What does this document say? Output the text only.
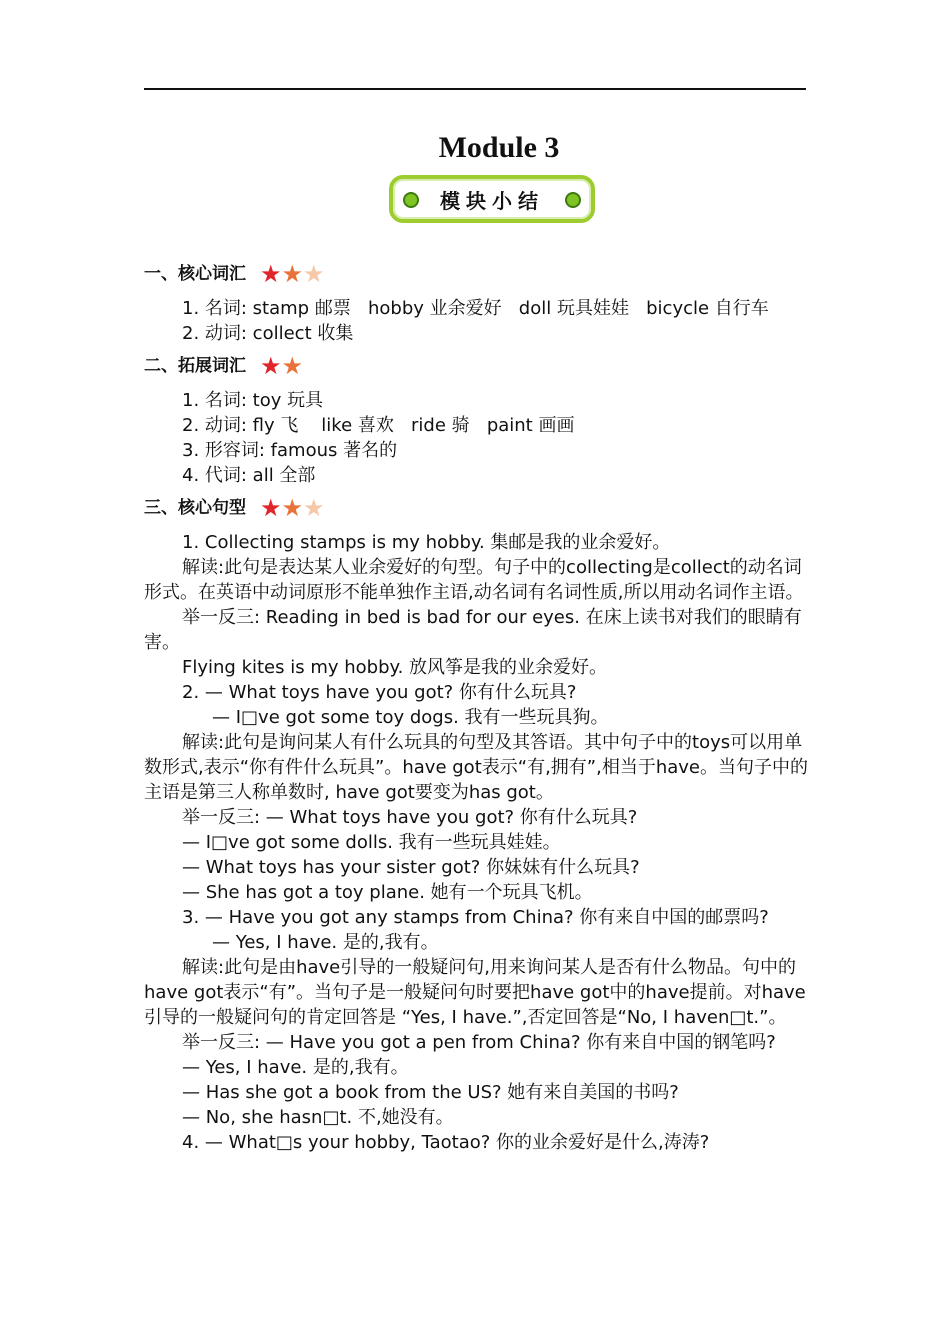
Module 3
模块小结
一、核心词汇 ★ ★ ★
1. 名词: stamp 邮票   hobby 业余爱好   doll 玩具娃娃   bicycle 自行车
2. 动词: collect 收集
二、拓展词汇 ★ ★
1. 名词: toy 玩具
2. 动词: fly 飞    like 喜欢   ride 骑   paint 画画
3. 形容词: famous 著名的
4. 代词: all 全部
三、核心句型 ★ ★ ★
1. Collecting stamps is my hobby. 集邮是我的业余爱好。
解读:此句是表达某人业余爱好的句型。句子中的collecting是collect的动名词形式。在英语中动词原形不能单独作主语,动名词有名词性质,所以用动名词作主语。
举一反三: Reading in bed is bad for our eyes. 在床上读书对我们的眼睛有害。
Flying kites is my hobby. 放风筝是我的业余爱好。
2. — What toys have you got? 你有什么玩具?
— I□ve got some toy dogs. 我有一些玩具狗。
解读:此句是询问某人有什么玩具的句型及其答语。其中句子中的toys可以用单数形式,表示“你有件什么玩具”。have got表示“有,拥有”,相当于have。当句子中的主语是第三人称单数时, have got要变为has got。
举一反三: — What toys have you got? 你有什么玩具?
— I□ve got some dolls. 我有一些玩具娃娃。
— What toys has your sister got? 你妹妹有什么玩具?
— She has got a toy plane. 她有一个玩具飞机。
3. — Have you got any stamps from China? 你有来自中国的邮票吗?
— Yes, I have. 是的,我有。
解读:此句是由have引导的一般疑问句,用来询问某人是否有什么物品。句中的have got表示“有”。当句子是一般疑问句时要把have got中的have提前。对have引导的一般疑问句的肯定回答是 “Yes, I have.”,否定回答是“No, I haven□t.”。
举一反三: — Have you got a pen from China? 你有来自中国的钢笔吗?
— Yes, I have. 是的,我有。
— Has she got a book from the US? 她有来自美国的书吗?
— No, she hasn□t. 不,她没有。
4. — What□s your hobby, Taotao? 你的业余爱好是什么,涛涛?
